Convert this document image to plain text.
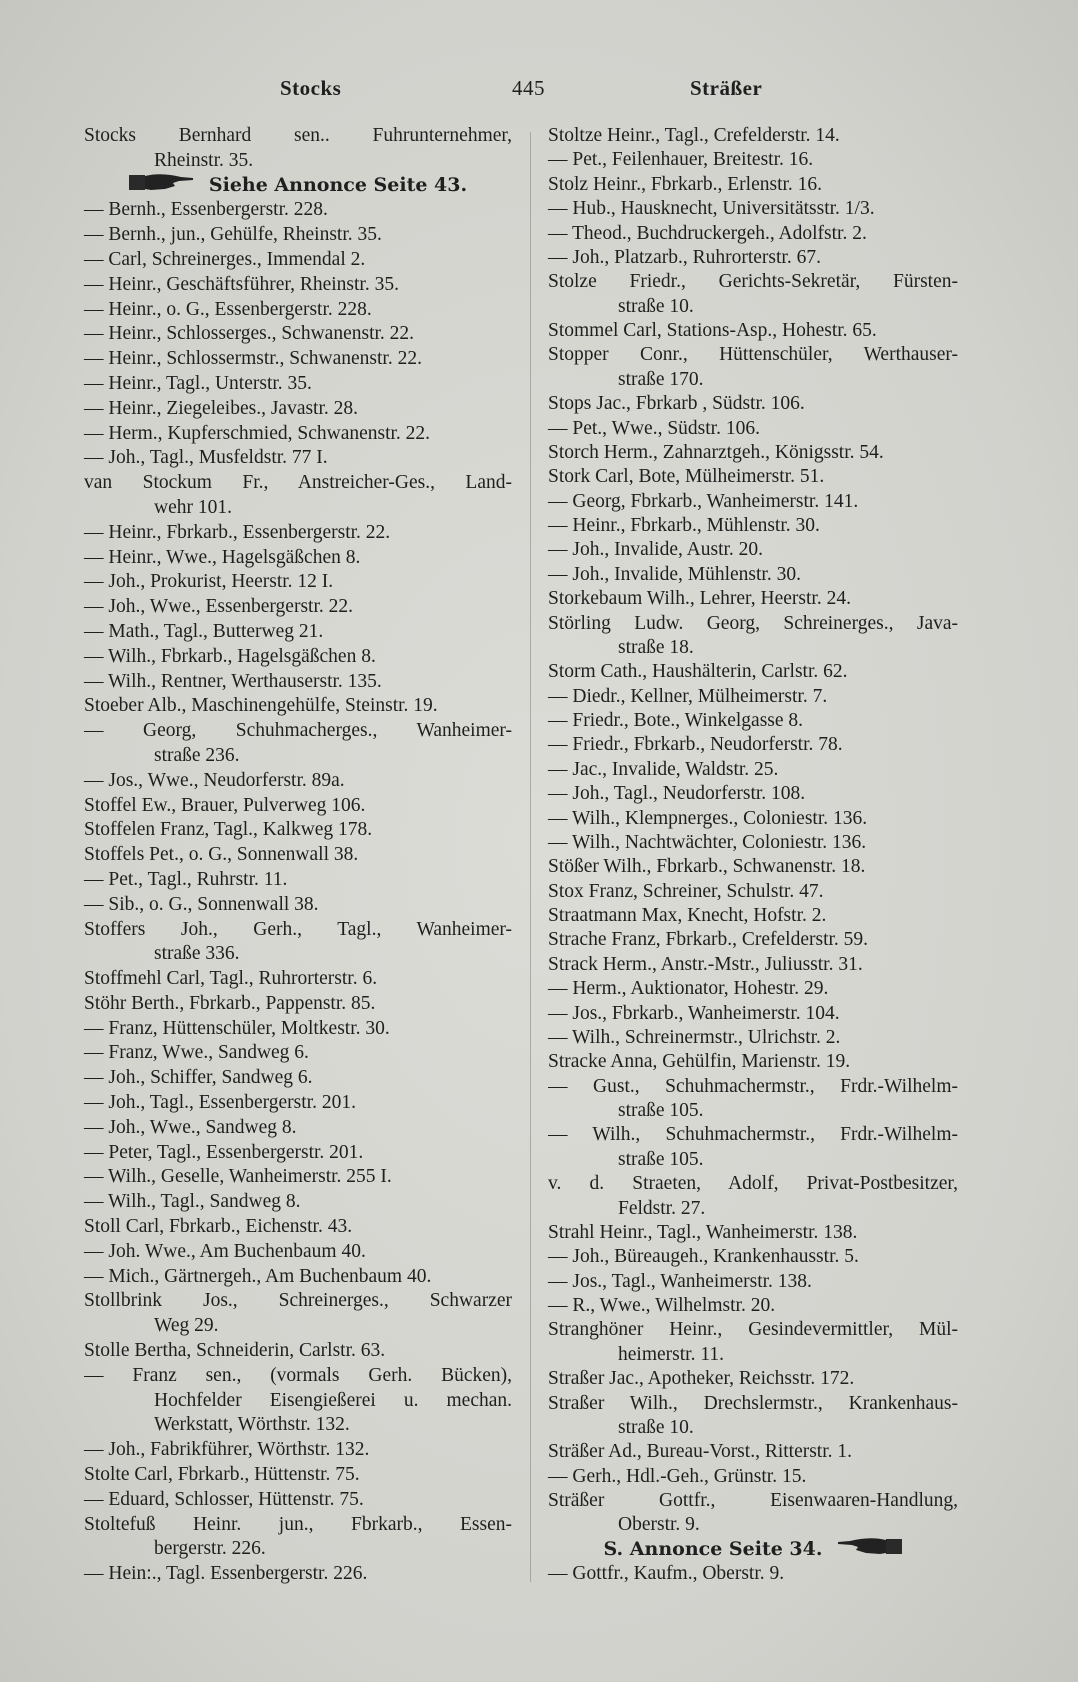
Stocks	445	Sträßer
Stocks Bernhard sen.. Fuhrunternehmer,
Rheinstr. 35.
Siehe Annonce Seite 43.
— Bernh., Essenbergerstr. 228.
— Bernh., jun., Gehülfe, Rheinstr. 35.
— Carl, Schreinerges., Immendal 2.
— Heinr., Geschäftsführer, Rheinstr. 35.
— Heinr., o. G., Essenbergerstr. 228.
— Heinr., Schlosserges., Schwanenstr. 22.
— Heinr., Schlossermstr., Schwanenstr. 22.
— Heinr., Tagl., Unterstr. 35.
— Heinr., Ziegeleibes., Javastr. 28.
— Herm., Kupferschmied, Schwanenstr. 22.
— Joh., Tagl., Musfeldstr. 77 I.
van Stockum Fr., Anstreicher-Ges., Land-
wehr 101.
— Heinr., Fbrkarb., Essenbergerstr. 22.
— Heinr., Wwe., Hagelsgäßchen 8.
— Joh., Prokurist, Heerstr. 12 I.
— Joh., Wwe., Essenbergerstr. 22.
— Math., Tagl., Butterweg 21.
— Wilh., Fbrkarb., Hagelsgäßchen 8.
— Wilh., Rentner, Werthauserstr. 135.
Stoeber Alb., Maschinengehülfe, Steinstr. 19.
— Georg, Schuhmacherges., Wanheimer-
straße 236.
— Jos., Wwe., Neudorferstr. 89a.
Stoffel Ew., Brauer, Pulverweg 106.
Stoffelen Franz, Tagl., Kalkweg 178.
Stoffels Pet., o. G., Sonnenwall 38.
— Pet., Tagl., Ruhrstr. 11.
— Sib., o. G., Sonnenwall 38.
Stoffers Joh., Gerh., Tagl., Wanheimer-
straße 336.
Stoffmehl Carl, Tagl., Ruhrorterstr. 6.
Stöhr Berth., Fbrkarb., Pappenstr. 85.
— Franz, Hüttenschüler, Moltkestr. 30.
— Franz, Wwe., Sandweg 6.
— Joh., Schiffer, Sandweg 6.
— Joh., Tagl., Essenbergerstr. 201.
— Joh., Wwe., Sandweg 8.
— Peter, Tagl., Essenbergerstr. 201.
— Wilh., Geselle, Wanheimerstr. 255 I.
— Wilh., Tagl., Sandweg 8.
Stoll Carl, Fbrkarb., Eichenstr. 43.
— Joh. Wwe., Am Buchenbaum 40.
— Mich., Gärtnergeh., Am Buchenbaum 40.
Stollbrink Jos., Schreinerges., Schwarzer
Weg 29.
Stolle Bertha, Schneiderin, Carlstr. 63.
— Franz sen., (vormals Gerh. Bücken),
Hochfelder Eisengießerei u. mechan.
Werkstatt, Wörthstr. 132.
— Joh., Fabrikführer, Wörthstr. 132.
Stolte Carl, Fbrkarb., Hüttenstr. 75.
— Eduard, Schlosser, Hüttenstr. 75.
Stoltefuß Heinr. jun., Fbrkarb., Essen-
bergerstr. 226.
— Hein:., Tagl. Essenbergerstr. 226.
Stoltze Heinr., Tagl., Crefelderstr. 14.
— Pet., Feilenhauer, Breitestr. 16.
Stolz Heinr., Fbrkarb., Erlenstr. 16.
— Hub., Hausknecht, Universitätsstr. 1/3.
— Theod., Buchdruckergeh., Adolfstr. 2.
— Joh., Platzarb., Ruhrorterstr. 67.
Stolze Friedr., Gerichts-Sekretär, Fürsten-
straße 10.
Stommel Carl, Stations-Asp., Hohestr. 65.
Stopper Conr., Hüttenschüler, Werthauser-
straße 170.
Stops Jac., Fbrkarb , Südstr. 106.
— Pet., Wwe., Südstr. 106.
Storch Herm., Zahnarztgeh., Königsstr. 54.
Stork Carl, Bote, Mülheimerstr. 51.
— Georg, Fbrkarb., Wanheimerstr. 141.
— Heinr., Fbrkarb., Mühlenstr. 30.
— Joh., Invalide, Austr. 20.
— Joh., Invalide, Mühlenstr. 30.
Storkebaum Wilh., Lehrer, Heerstr. 24.
Störling Ludw. Georg, Schreinerges., Java-
straße 18.
Storm Cath., Haushälterin, Carlstr. 62.
— Diedr., Kellner, Mülheimerstr. 7.
— Friedr., Bote., Winkelgasse 8.
— Friedr., Fbrkarb., Neudorferstr. 78.
— Jac., Invalide, Waldstr. 25.
— Joh., Tagl., Neudorferstr. 108.
— Wilh., Klempnerges., Coloniestr. 136.
— Wilh., Nachtwächter, Coloniestr. 136.
Stößer Wilh., Fbrkarb., Schwanenstr. 18.
Stox Franz, Schreiner, Schulstr. 47.
Straatmann Max, Knecht, Hofstr. 2.
Strache Franz, Fbrkarb., Crefelderstr. 59.
Strack Herm., Anstr.-Mstr., Juliusstr. 31.
— Herm., Auktionator, Hohestr. 29.
— Jos., Fbrkarb., Wanheimerstr. 104.
— Wilh., Schreinermstr., Ulrichstr. 2.
Stracke Anna, Gehülfin, Marienstr. 19.
— Gust., Schuhmachermstr., Frdr.-Wilhelm-
straße 105.
— Wilh., Schuhmachermstr., Frdr.-Wilhelm-
straße 105.
v. d. Straeten, Adolf, Privat-Postbesitzer,
Feldstr. 27.
Strahl Heinr., Tagl., Wanheimerstr. 138.
— Joh., Büreaugeh., Krankenhausstr. 5.
— Jos., Tagl., Wanheimerstr. 138.
— R., Wwe., Wilhelmstr. 20.
Stranghöner Heinr., Gesindevermittler, Mül-
heimerstr. 11.
Straßer Jac., Apotheker, Reichsstr. 172.
Straßer Wilh., Drechslermstr., Krankenhaus-
straße 10.
Sträßer Ad., Bureau-Vorst., Ritterstr. 1.
— Gerh., Hdl.-Geh., Grünstr. 15.
Sträßer Gottfr., Eisenwaaren-Handlung,
Oberstr. 9.
S. Annonce Seite 34.
— Gottfr., Kaufm., Oberstr. 9.
